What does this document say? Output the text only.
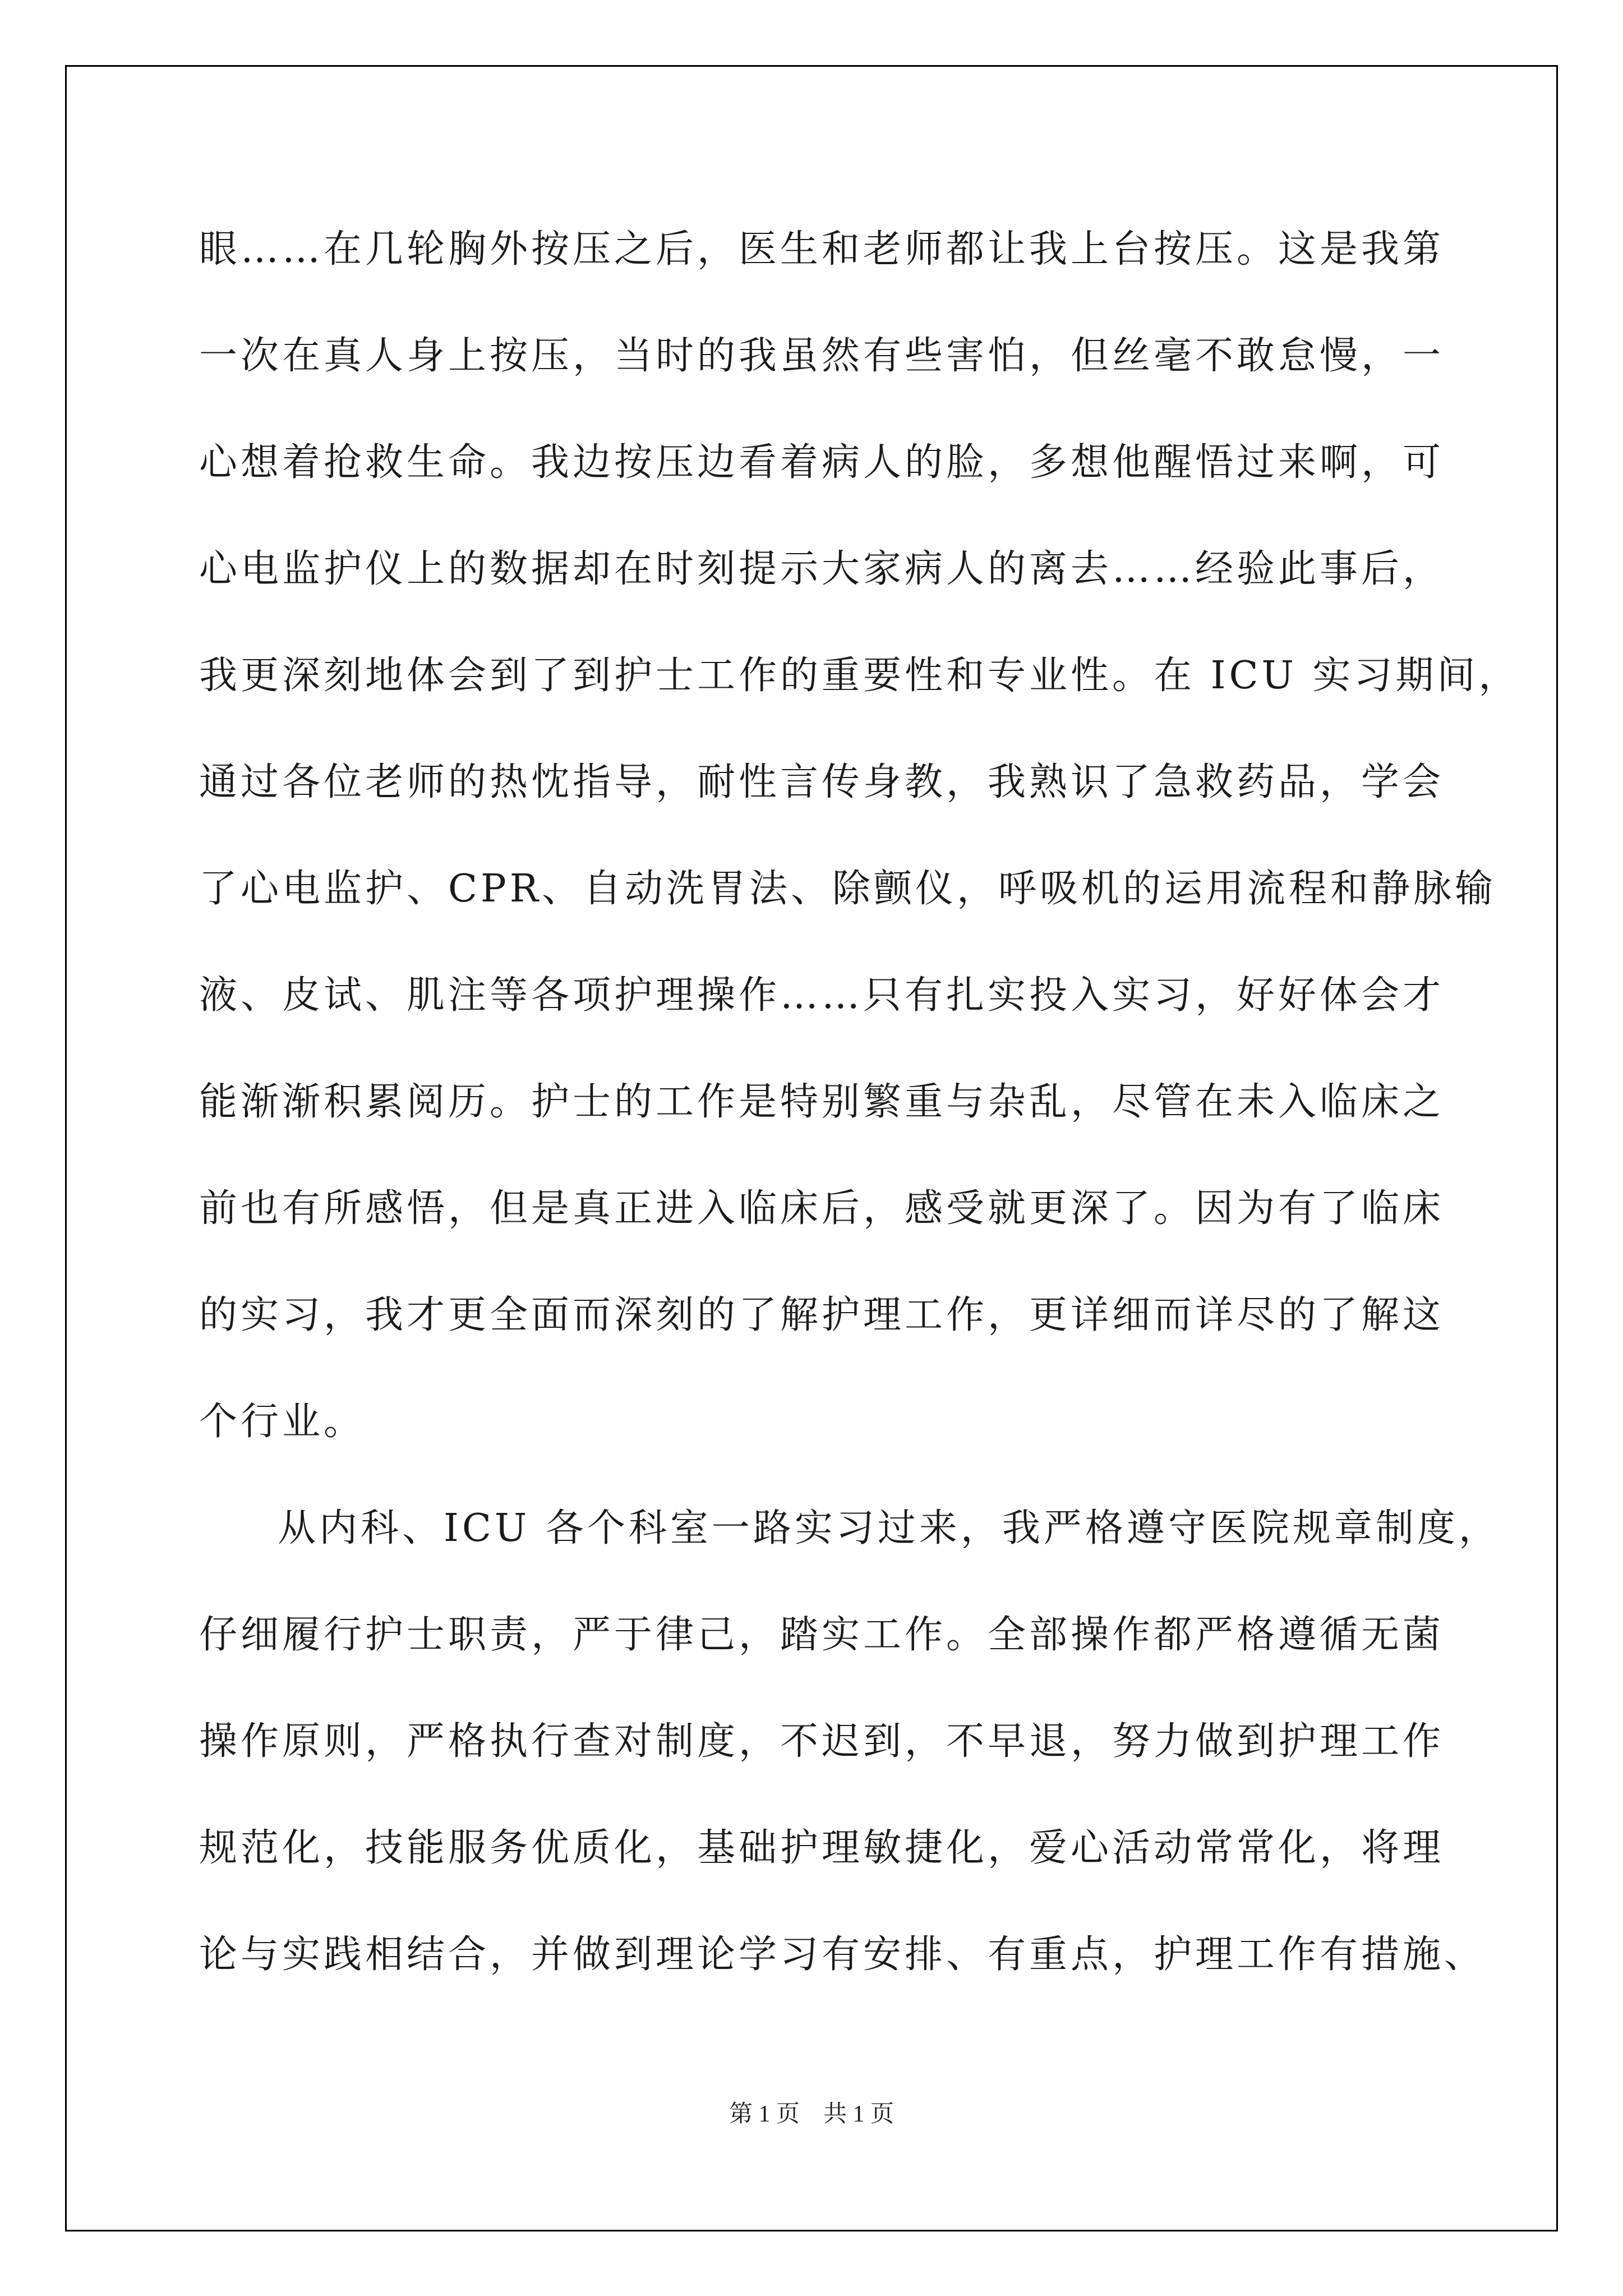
眼……在几轮胸外按压之后，医生和老师都让我上台按压。这是我第
一次在真人身上按压，当时的我虽然有些害怕，但丝毫不敢怠慢，一
心想着抢救生命。我边按压边看着病人的脸，多想他醒悟过来啊，可
心电监护仪上的数据却在时刻提示大家病人的离去……经验此事后，
我更深刻地体会到了到护士工作的重要性和专业性。在 ICU 实习期间，
通过各位老师的热忱指导，耐性言传身教，我熟识了急救药品，学会
了心电监护、CPR、自动洗胃法、除颤仪，呼吸机的运用流程和静脉输
液、皮试、肌注等各项护理操作……只有扎实投入实习，好好体会才
能渐渐积累阅历。护士的工作是特别繁重与杂乱，尽管在未入临床之
前也有所感悟，但是真正进入临床后，感受就更深了。因为有了临床
的实习，我才更全面而深刻的了解护理工作，更详细而详尽的了解这
个行业。
从内科、ICU 各个科室一路实习过来，我严格遵守医院规章制度，
仔细履行护士职责，严于律己，踏实工作。全部操作都严格遵循无菌
操作原则，严格执行查对制度，不迟到，不早退，努力做到护理工作
规范化，技能服务优质化，基础护理敏捷化，爱心活动常常化，将理
论与实践相结合，并做到理论学习有安排、有重点，护理工作有措施、
第 1 页　共 1 页
